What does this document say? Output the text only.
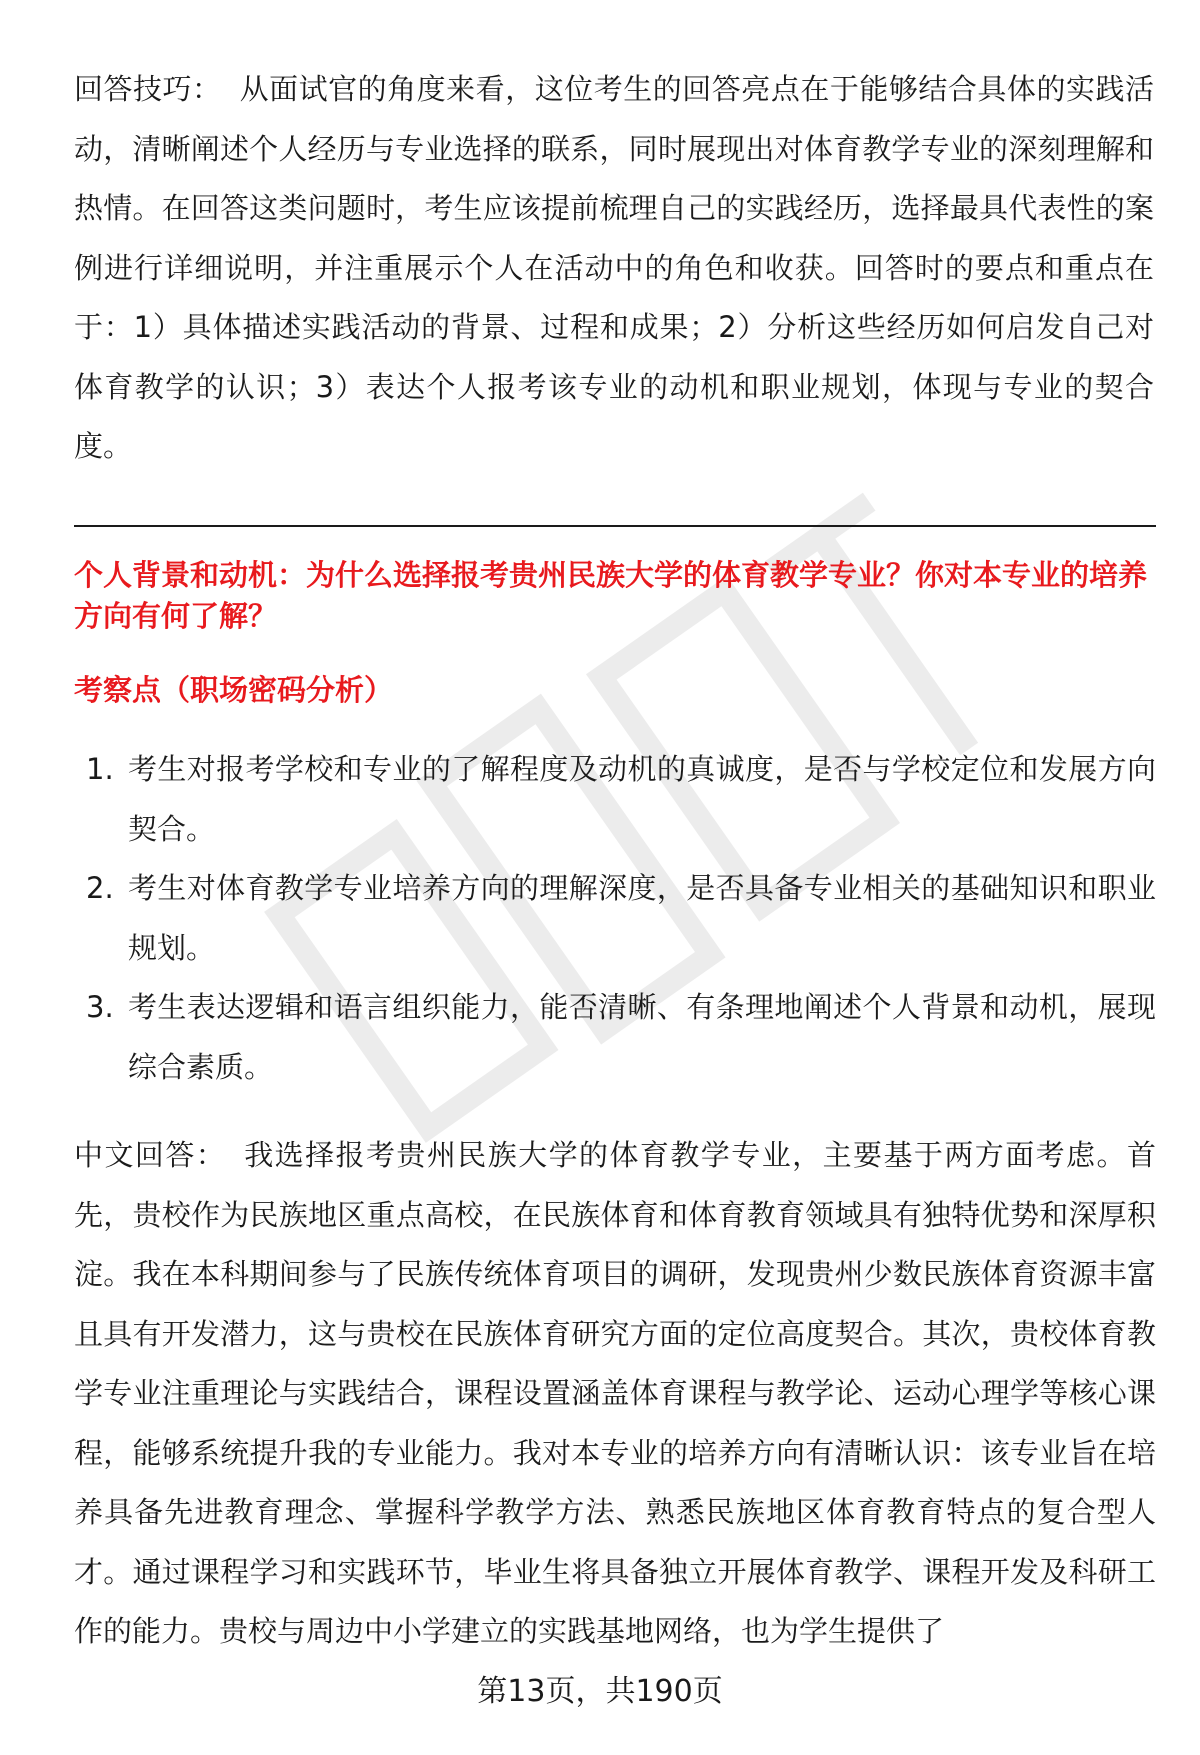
回答技巧： 从面试官的角度来看，这位考生的回答亮点在于能够结合具体的实践活动，清晰阐述个人经历与专业选择的联系，同时展现出对体育教学专业的深刻理解和热情。在回答这类问题时，考生应该提前梳理自己的实践经历，选择最具代表性的案例进行详细说明，并注重展示个人在活动中的角色和收获。回答时的要点和重点在于：1）具体描述实践活动的背景、过程和成果；2）分析这些经历如何启发自己对体育教学的认识；3）表达个人报考该专业的动机和职业规划，体现与专业的契合度。

个人背景和动机：为什么选择报考贵州民族大学的体育教学专业？你对本专业的培养方向有何了解？
考察点（职场密码分析）
1. 考生对报考学校和专业的了解程度及动机的真诚度，是否与学校定位和发展方向契合。
2. 考生对体育教学专业培养方向的理解深度，是否具备专业相关的基础知识和职业规划。
3. 考生表达逻辑和语言组织能力，能否清晰、有条理地阐述个人背景和动机，展现综合素质。

中文回答： 我选择报考贵州民族大学的体育教学专业，主要基于两方面考虑。首先，贵校作为民族地区重点高校，在民族体育和体育教育领域具有独特优势和深厚积淀。我在本科期间参与了民族传统体育项目的调研，发现贵州少数民族体育资源丰富且具有开发潜力，这与贵校在民族体育研究方面的定位高度契合。其次，贵校体育教学专业注重理论与实践结合，课程设置涵盖体育课程与教学论、运动心理学等核心课程，能够系统提升我的专业能力。我对本专业的培养方向有清晰认识：该专业旨在培养具备先进教育理念、掌握科学教学方法、熟悉民族地区体育教育特点的复合型人才。通过课程学习和实践环节，毕业生将具备独立开展体育教学、课程开发及科研工作的能力。贵校与周边中小学建立的实践基地网络，也为学生提供了

第13页，共190页
